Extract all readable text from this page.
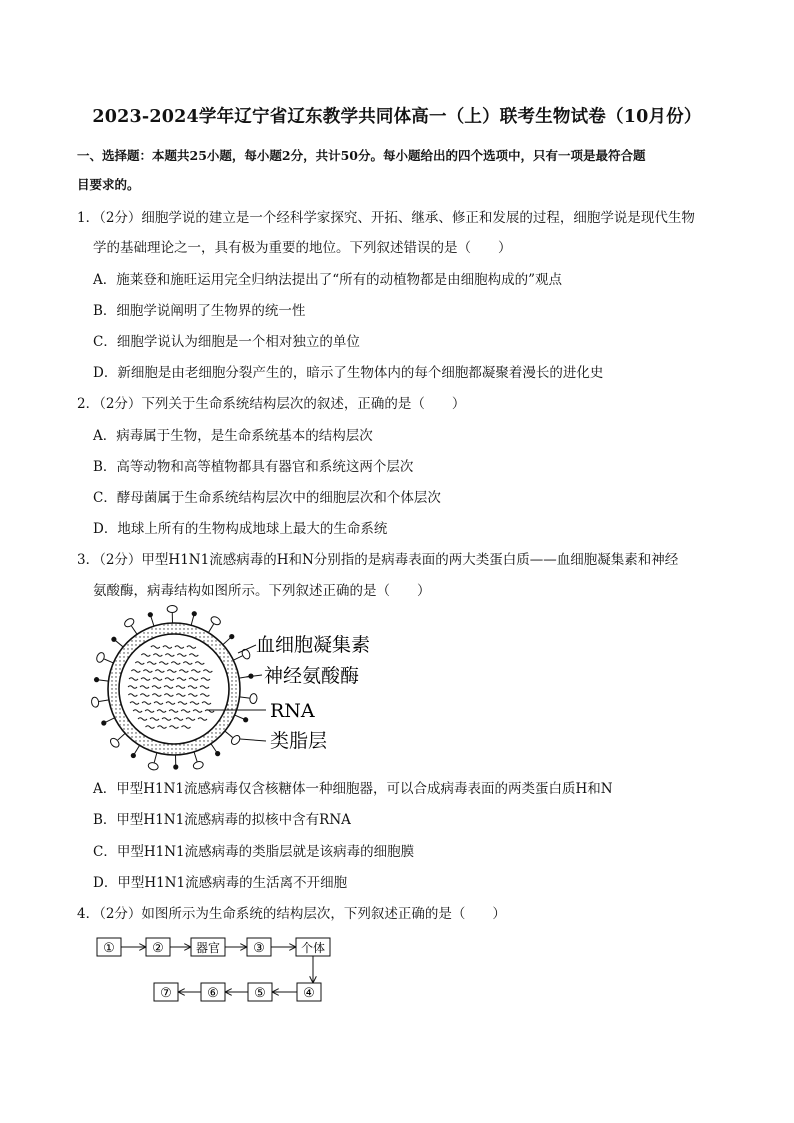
2023-2024学年辽宁省辽东教学共同体高一（上）联考生物试卷（10月份）
一、选择题：本题共25小题，每小题2分，共计50分。每小题给出的四个选项中，只有一项是最符合题
目要求的。
1．（2分）细胞学说的建立是一个经科学家探究、开拓、继承、修正和发展的过程，细胞学说是现代生物
学的基础理论之一，具有极为重要的地位。下列叙述错误的是（　　）
A．施莱登和施旺运用完全归纳法提出了“所有的动植物都是由细胞构成的”观点
B．细胞学说阐明了生物界的统一性
C．细胞学说认为细胞是一个相对独立的单位
D．新细胞是由老细胞分裂产生的，暗示了生物体内的每个细胞都凝聚着漫长的进化史
2．（2分）下列关于生命系统结构层次的叙述，正确的是（　　）
A．病毒属于生物，是生命系统基本的结构层次
B．高等动物和高等植物都具有器官和系统这两个层次
C．酵母菌属于生命系统结构层次中的细胞层次和个体层次
D．地球上所有的生物构成地球上最大的生命系统
3．（2分）甲型H1N1流感病毒的H和N分别指的是病毒表面的两大类蛋白质——血细胞凝集素和神经
氨酸酶，病毒结构如图所示。下列叙述正确的是（　　）
血细胞凝集素
神经氨酸酶
RNA
类脂层
A．甲型H1N1流感病毒仅含核糖体一种细胞器，可以合成病毒表面的两类蛋白质H和N
B．甲型H1N1流感病毒的拟核中含有RNA
C．甲型H1N1流感病毒的类脂层就是该病毒的细胞膜
D．甲型H1N1流感病毒的生活离不开细胞
4．（2分）如图所示为生命系统的结构层次，下列叙述正确的是（　　）
①	②	器官	③	个体
④
⑤
⑥
⑦
